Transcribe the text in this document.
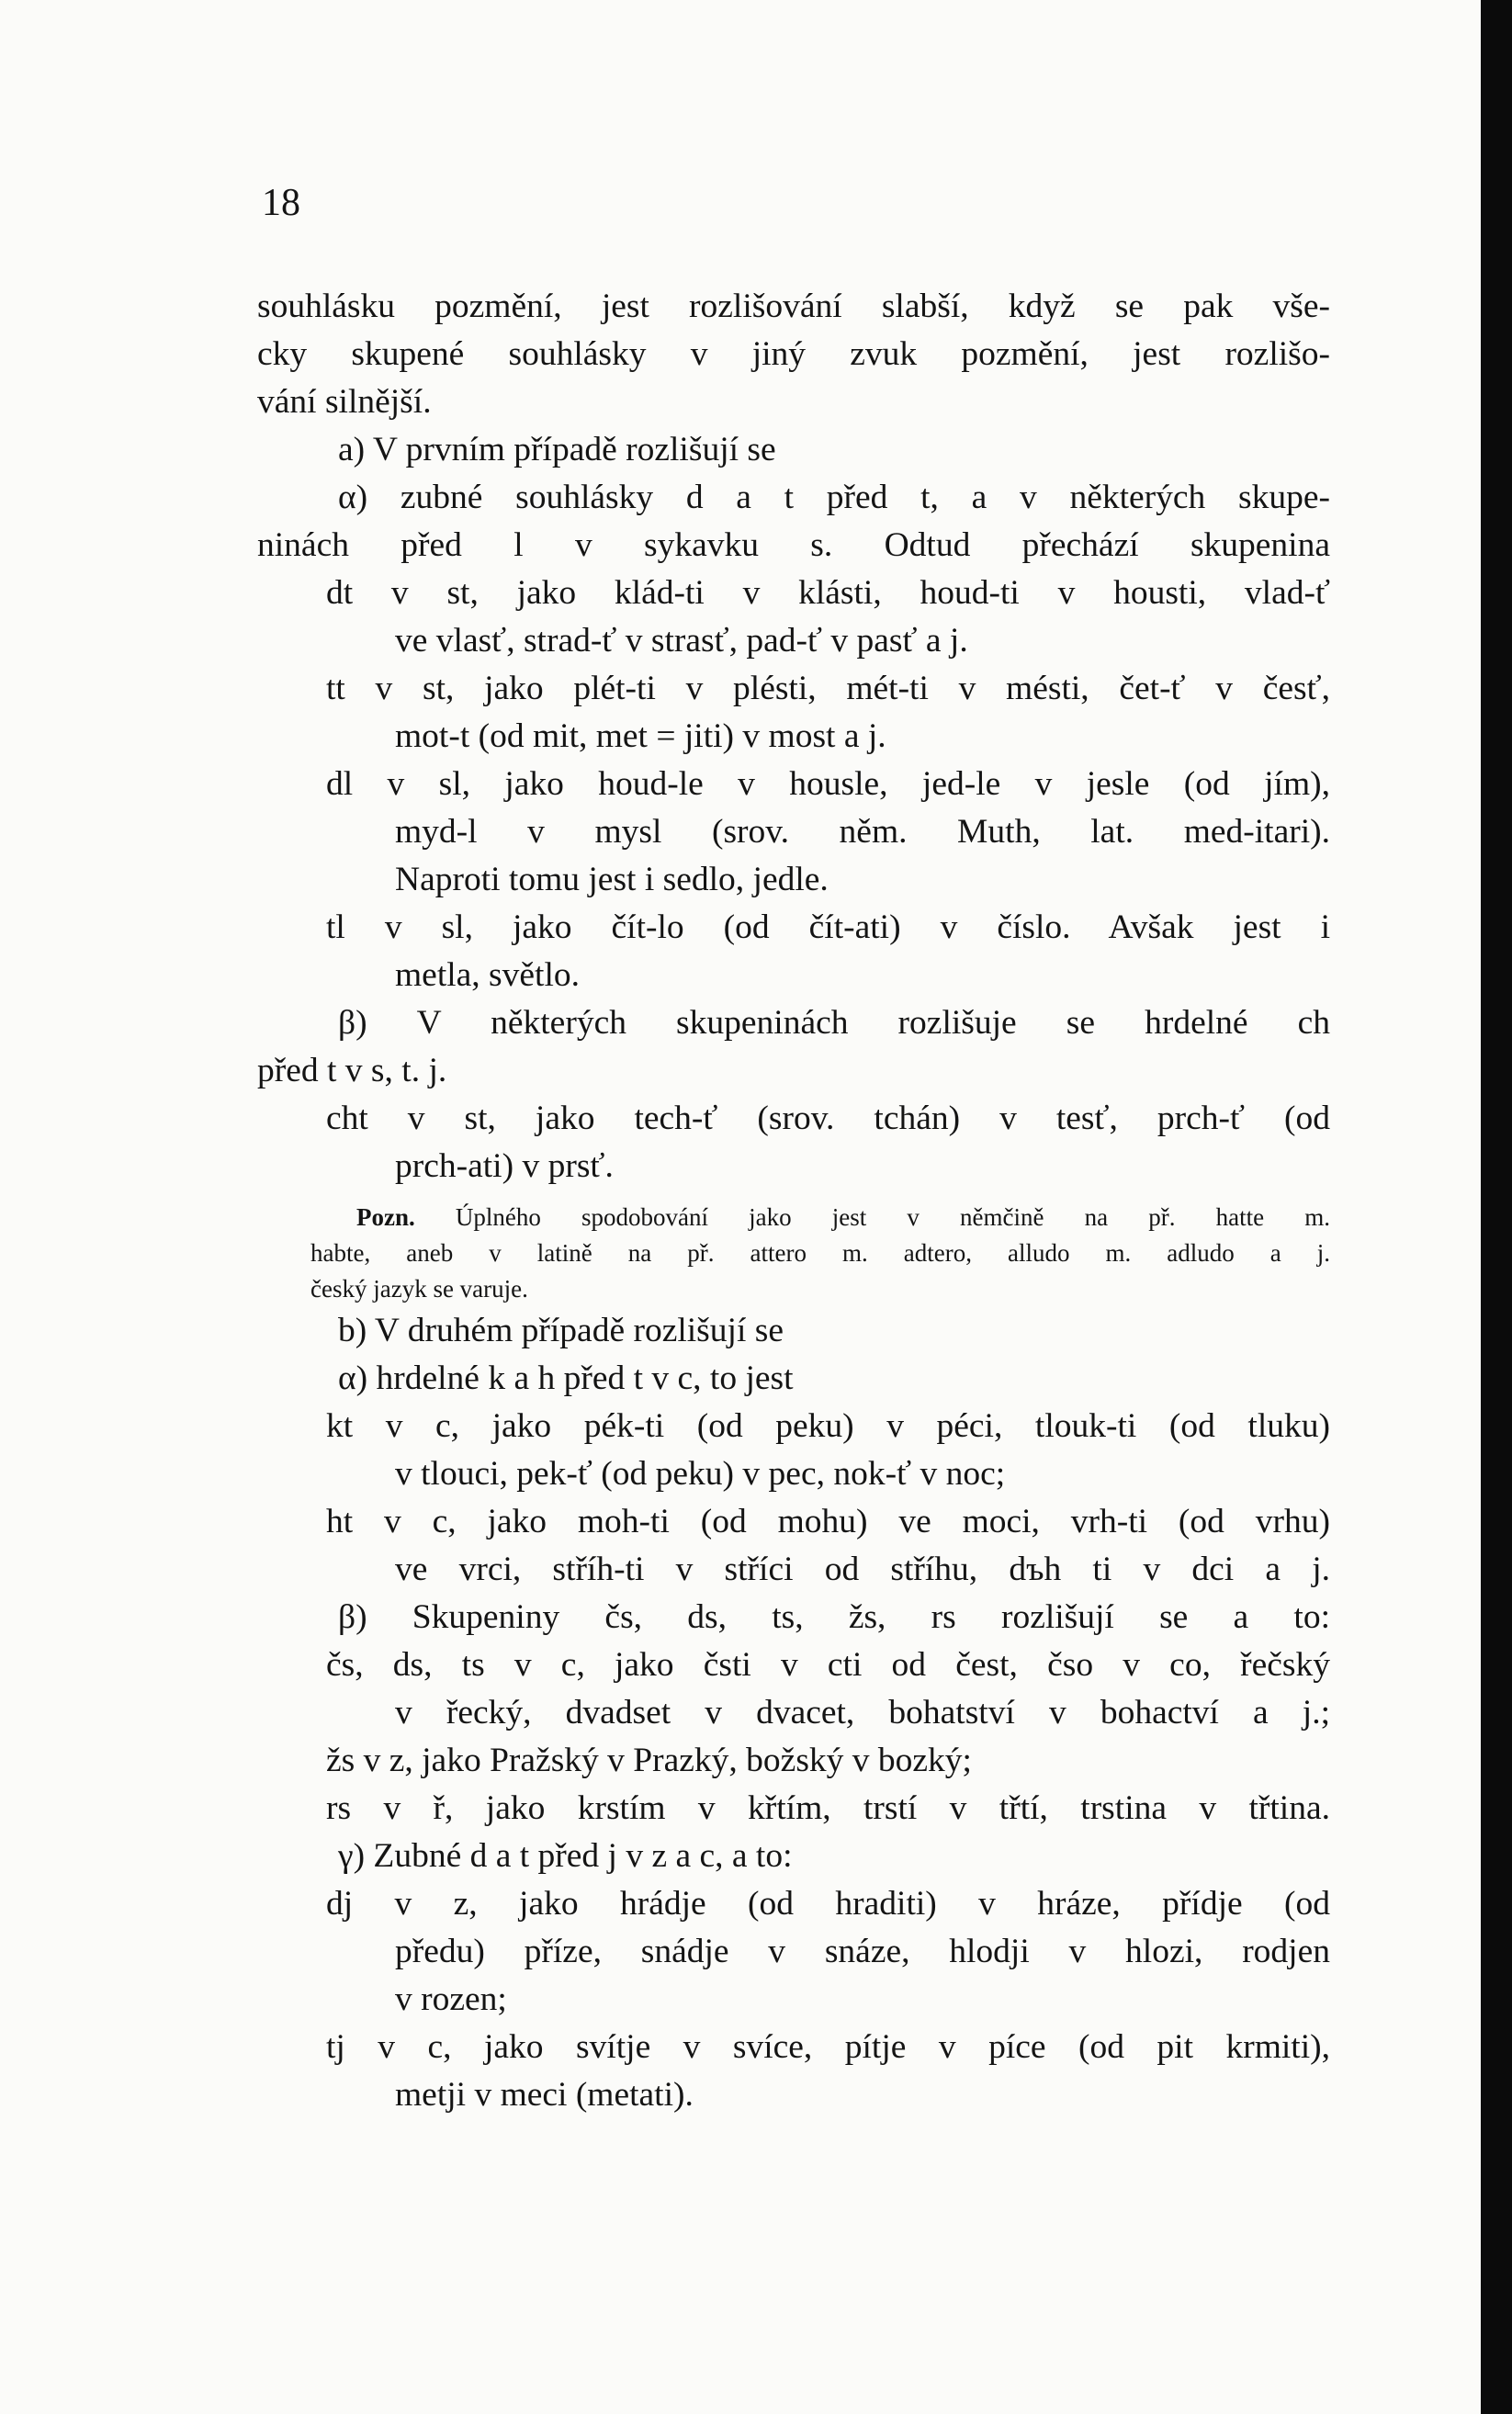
18
souhlásku pozmění, jest rozlišování slabší, když se pak vše-
cky skupené souhlásky v jiný zvuk pozmění, jest rozlišo-
vání silnější.
a) V prvním případě rozlišují se
α) zubné souhlásky d a t před t, a v některých skupe-
ninách před l v sykavku s. Odtud přechází skupenina
dt v st, jako klád-ti v klásti, houd-ti v housti, vlad-ť
ve vlasť, strad-ť v strasť, pad-ť v pasť a j.
tt v st, jako plét-ti v plésti, mét-ti v mésti, čet-ť v česť,
mot-t (od mit, met = jiti) v most a j.
dl v sl, jako houd-le v housle, jed-le v jesle (od jím),
myd-l v mysl (srov. něm. Muth, lat. med-itari).
Naproti tomu jest i sedlo, jedle.
tl v sl, jako čít-lo (od čít-ati) v číslo. Avšak jest i
metla, světlo.
β) V některých skupeninách rozlišuje se hrdelné ch
před t v s, t. j.
cht v st, jako tech-ť (srov. tchán) v tesť, prch-ť (od
prch-ati) v prsť.
Pozn. Úplného spodobování jako jest v němčině na př. hatte m.
habte, aneb v latině na př. attero m. adtero, alludo m. adludo a j.
český jazyk se varuje.
b) V druhém případě rozlišují se
α) hrdelné k a h před t v c, to jest
kt v c, jako pék-ti (od peku) v péci, tlouk-ti (od tluku)
v tlouci, pek-ť (od peku) v pec, nok-ť v noc;
ht v c, jako moh-ti (od mohu) ve moci, vrh-ti (od vrhu)
ve vrci, stříh-ti v stříci od stříhu, dъh ti v dci a j.
β) Skupeniny čs, ds, ts, žs, rs rozlišují se a to:
čs, ds, ts v c, jako čsti v cti od čest, čso v co, řečský
v řecký, dvadset v dvacet, bohatství v bohactví a j.;
žs v z, jako Pražský v Prazký, božský v bozký;
rs v ř, jako krstím v křtím, trstí v třtí, trstina v třtina.
γ) Zubné d a t před j v z a c, a to:
dj v z, jako hrádje (od hraditi) v hráze, přídje (od
předu) příze, snádje v snáze, hlodji v hlozi, rodjen
v rozen;
tj v c, jako svítje v svíce, pítje v píce (od pit krmiti),
metji v meci (metati).
